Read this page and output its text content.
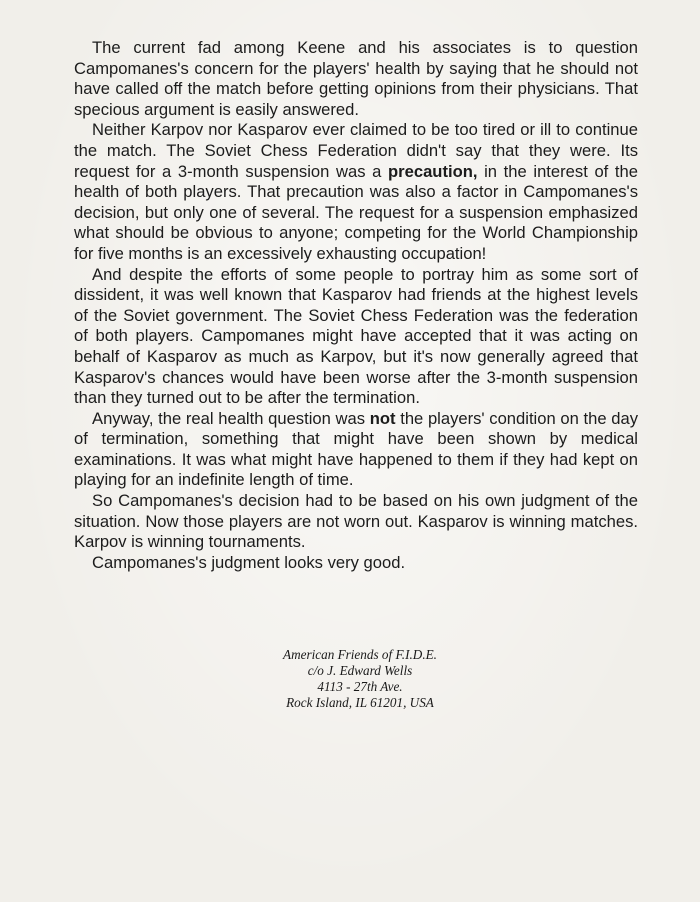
The current fad among Keene and his associates is to question Campomanes's concern for the players' health by saying that he should not have called off the match before getting opinions from their physicians. That specious argument is easily answered.

Neither Karpov nor Kasparov ever claimed to be too tired or ill to continue the match. The Soviet Chess Federation didn't say that they were. Its request for a 3-month suspension was a precaution, in the interest of the health of both players. That precaution was also a factor in Campomanes's decision, but only one of several. The request for a suspension emphasized what should be obvious to anyone; competing for the World Championship for five months is an excessively exhausting occupation!

And despite the efforts of some people to portray him as some sort of dissident, it was well known that Kasparov had friends at the highest levels of the Soviet government. The Soviet Chess Federation was the federation of both players. Campomanes might have accepted that it was acting on behalf of Kasparov as much as Karpov, but it's now generally agreed that Kasparov's chances would have been worse after the 3-month suspension than they turned out to be after the termination.

Anyway, the real health question was not the players' condition on the day of termination, something that might have been shown by medical examinations. It was what might have happened to them if they had kept on playing for an indefinite length of time.

So Campomanes's decision had to be based on his own judgment of the situation. Now those players are not worn out. Kasparov is winning matches. Karpov is winning tournaments.

Campomanes's judgment looks very good.

American Friends of F.I.D.E.
c/o J. Edward Wells
4113 - 27th Ave.
Rock Island, IL 61201, USA
